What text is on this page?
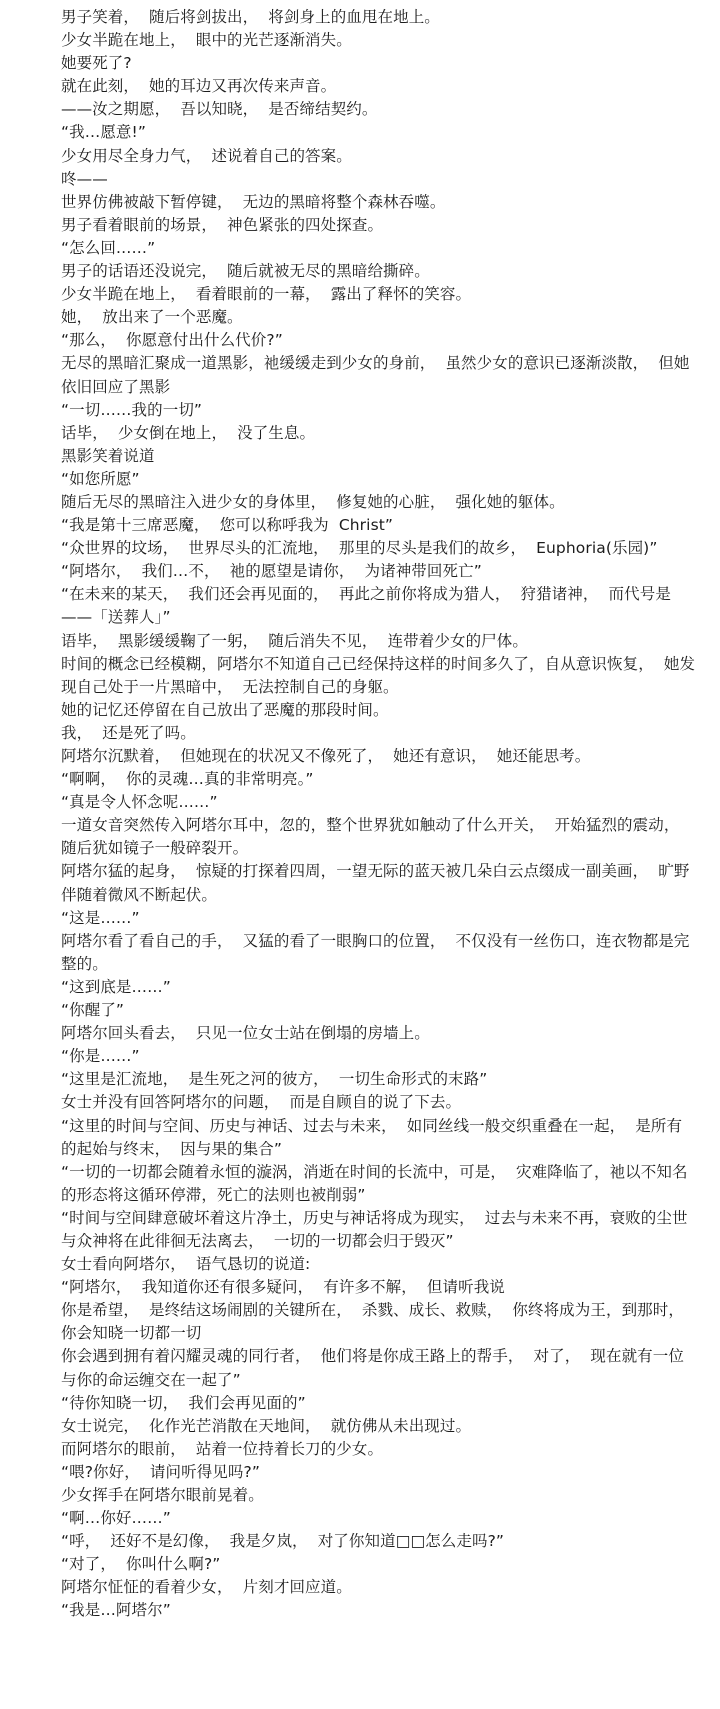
男子笑着，  随后将剑拔出，  将剑身上的血甩在地上。

少女半跪在地上，  眼中的光芒逐渐消失。

她要死了?

就在此刻，  她的耳边又再次传来声音。

——汝之期愿，  吾以知晓，  是否缔结契约。

“我…愿意!”

少女用尽全身力气，  述说着自己的答案。

咚——

世界仿佛被敲下暂停键，  无边的黑暗将整个森林吞噬。

男子看着眼前的场景，  神色紧张的四处探查。

“怎么回……”

男子的话语还没说完，  随后就被无尽的黑暗给撕碎。

少女半跪在地上，  看着眼前的一幕，  露出了释怀的笑容。

她，  放出来了一个恶魔。

“那么，  你愿意付出什么代价?”

无尽的黑暗汇聚成一道黑影，祂缓缓走到少女的身前，  虽然少女的意识已逐渐淡散，  但她依旧回应了黑影

“一切……我的一切”

话毕，  少女倒在地上，  没了生息。

黑影笑着说道

“如您所愿”

随后无尽的黑暗注入进少女的身体里，  修复她的心脏，  强化她的躯体。

“我是第十三席恶魔，  您可以称呼我为  Christ”

“众世界的坟场，  世界尽头的汇流地，  那里的尽头是我们的故乡，  Euphoria(乐园)”

“阿塔尔，  我们…不，  祂的愿望是请你，  为诸神带回死亡”

“在未来的某天，  我们还会再见面的，  再此之前你将成为猎人，  狩猎诸神，  而代号是——「送葬人」”

语毕，  黑影缓缓鞠了一躬，  随后消失不见，  连带着少女的尸体。

时间的概念已经模糊，阿塔尔不知道自己已经保持这样的时间多久了，自从意识恢复，  她发现自己处于一片黑暗中，  无法控制自己的身躯。

她的记忆还停留在自己放出了恶魔的那段时间。

我，  还是死了吗。

阿塔尔沉默着，  但她现在的状况又不像死了，  她还有意识，  她还能思考。

“啊啊，  你的灵魂…真的非常明亮。”

“真是令人怀念呢……”

一道女音突然传入阿塔尔耳中，忽的，整个世界犹如触动了什么开关，  开始猛烈的震动，  随后犹如镜子一般碎裂开。

阿塔尔猛的起身，  惊疑的打探着四周，一望无际的蓝天被几朵白云点缀成一副美画，  旷野伴随着微风不断起伏。

“这是……”

阿塔尔看了看自己的手，  又猛的看了一眼胸口的位置，  不仅没有一丝伤口，连衣物都是完整的。

“这到底是……”

“你醒了”

阿塔尔回头看去，  只见一位女士站在倒塌的房墙上。

“你是……”

“这里是汇流地，  是生死之河的彼方，  一切生命形式的末路”

女士并没有回答阿塔尔的问题，  而是自顾自的说了下去。

“这里的时间与空间、历史与神话、过去与未来，  如同丝线一般交织重叠在一起，  是所有的起始与终末，  因与果的集合”

“一切的一切都会随着永恒的漩涡，消逝在时间的长流中，可是，  灾难降临了，祂以不知名的形态将这循环停滞，死亡的法则也被削弱”

“时间与空间肆意破坏着这片净土，历史与神话将成为现实，  过去与未来不再，衰败的尘世与众神将在此徘徊无法离去，  一切的一切都会归于毁灭”

女士看向阿塔尔，  语气恳切的说道:

“阿塔尔，  我知道你还有很多疑问，  有许多不解，  但请听我说

你是希望，  是终结这场闹剧的关键所在，  杀戮、成长、救赎，  你终将成为王，到那时，  你会知晓一切都一切

你会遇到拥有着闪耀灵魂的同行者，  他们将是你成王路上的帮手，  对了，  现在就有一位与你的命运缠交在一起了”

“待你知晓一切，  我们会再见面的”

女士说完，  化作光芒消散在天地间，  就仿佛从未出现过。

而阿塔尔的眼前，  站着一位持着长刀的少女。

“喂?你好，  请问听得见吗?”

少女挥手在阿塔尔眼前晃着。

“啊…你好……”

“呼，  还好不是幻像，  我是夕岚，  对了你知道□□怎么走吗?”

“对了，  你叫什么啊?”

阿塔尔怔怔的看着少女，  片刻才回应道。

“我是…阿塔尔”
